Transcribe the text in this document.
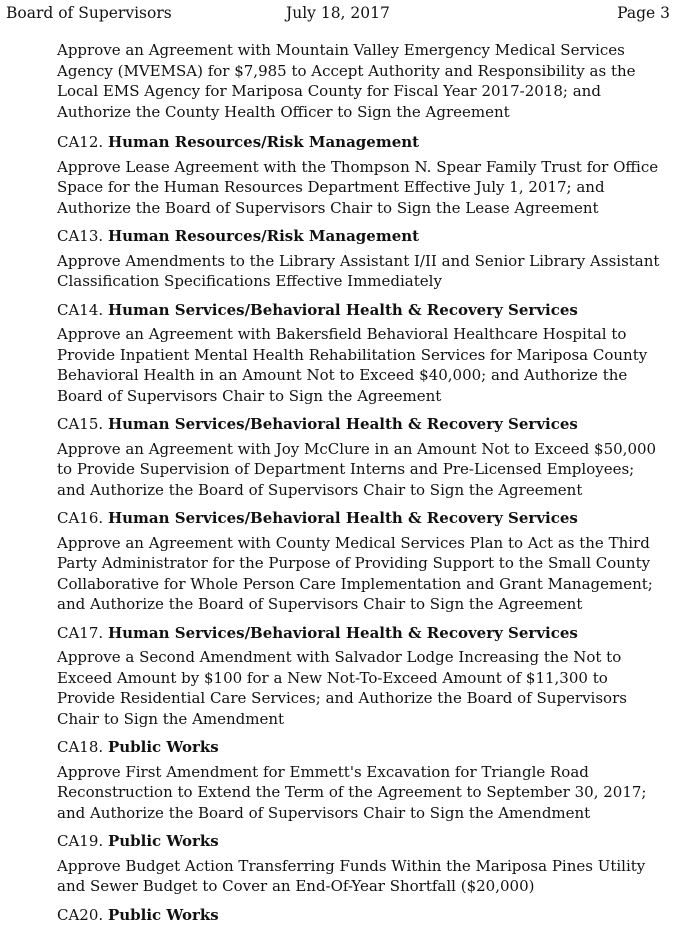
Board of Supervisors	July 18, 2017	Page 3

Approve an Agreement with Mountain Valley Emergency Medical Services Agency (MVEMSA) for $7,985 to Accept Authority and Responsibility as the Local EMS Agency for Mariposa County for Fiscal Year 2017-2018; and Authorize the County Health Officer to Sign the Agreement

CA12. Human Resources/Risk Management

Approve Lease Agreement with the Thompson N. Spear Family Trust for Office Space for the Human Resources Department Effective July 1, 2017; and Authorize the Board of Supervisors Chair to Sign the Lease Agreement

CA13. Human Resources/Risk Management

Approve Amendments to the Library Assistant I/II and Senior Library Assistant Classification Specifications Effective Immediately

CA14. Human Services/Behavioral Health & Recovery Services

Approve an Agreement with Bakersfield Behavioral Healthcare Hospital to Provide Inpatient Mental Health Rehabilitation Services for Mariposa County Behavioral Health in an Amount Not to Exceed $40,000; and Authorize the Board of Supervisors Chair to Sign the Agreement

CA15. Human Services/Behavioral Health & Recovery Services

Approve an Agreement with Joy McClure in an Amount Not to Exceed $50,000 to Provide Supervision of Department Interns and Pre-Licensed Employees; and Authorize the Board of Supervisors Chair to Sign the Agreement

CA16. Human Services/Behavioral Health & Recovery Services

Approve an Agreement with County Medical Services Plan to Act as the Third Party Administrator for the Purpose of Providing Support to the Small County Collaborative for Whole Person Care Implementation and Grant Management; and Authorize the Board of Supervisors Chair to Sign the Agreement

CA17. Human Services/Behavioral Health & Recovery Services

Approve a Second Amendment with Salvador Lodge Increasing the Not to Exceed Amount by $100 for a New Not-To-Exceed Amount of $11,300 to Provide Residential Care Services; and Authorize the Board of Supervisors Chair to Sign the Amendment

CA18. Public Works

Approve First Amendment for Emmett's Excavation for Triangle Road Reconstruction to Extend the Term of the Agreement to September 30, 2017; and Authorize the Board of Supervisors Chair to Sign the Amendment

CA19. Public Works

Approve Budget Action Transferring Funds Within the Mariposa Pines Utility and Sewer Budget to Cover an End-Of-Year Shortfall ($20,000)

CA20. Public Works
